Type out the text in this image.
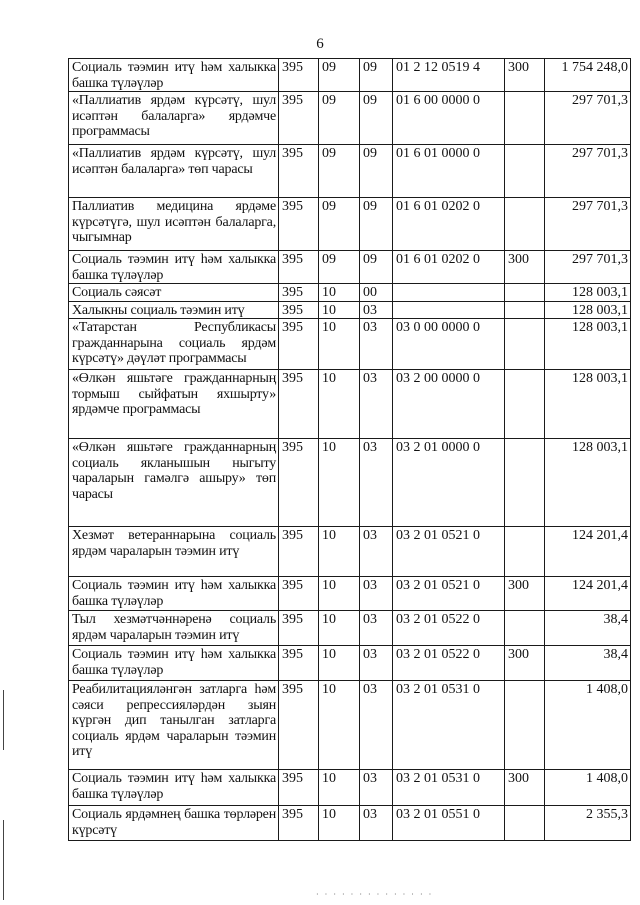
6
· · · · · · · · · · · · · ·
Социаль тәэмин итү һәм халыкка башка түләүләр	395	09	09	01 2 12 0519 4	300	1 754 248,0
«Паллиатив ярдәм күрсәтү, шул исәптән балаларга» ярдәмче программасы	395	09	09	01 6 00 0000 0		297 701,3
«Паллиатив ярдәм күрсәтү, шул исәптән балаларга» төп чарасы	395	09	09	01 6 01 0000 0		297 701,3
Паллиатив медицина ярдәме күрсәтүгә, шул исәптән балаларга, чыгымнар	395	09	09	01 6 01 0202 0		297 701,3
Социаль тәэмин итү һәм халыкка башка түләүләр	395	09	09	01 6 01 0202 0	300	297 701,3
Социаль сәясәт	395	10	00			128 003,1
Халыкны социаль тәэмин итү	395	10	03			128 003,1
«Татарстан Республикасы гражданнарына социаль ярдәм күрсәтү» дәүләт программасы	395	10	03	03 0 00 0000 0		128 003,1
«Өлкән яшьтәге гражданнарның тормыш сыйфатын яхшырту» ярдәмче программасы	395	10	03	03 2 00 0000 0		128 003,1
«Өлкән яшьтәге гражданнарның социаль якланышын ныгыту чараларын гамәлгә ашыру» төп чарасы	395	10	03	03 2 01 0000 0		128 003,1
Хезмәт ветераннарына социаль ярдәм чараларын тәэмин итү	395	10	03	03 2 01 0521 0		124 201,4
Социаль тәэмин итү һәм халыкка башка түләүләр	395	10	03	03 2 01 0521 0	300	124 201,4
Тыл хезмәтчәннәренә социаль ярдәм чараларын тәэмин итү	395	10	03	03 2 01 0522 0		38,4
Социаль тәэмин итү һәм халыкка башка түләүләр	395	10	03	03 2 01 0522 0	300	38,4
Реабилитацияләнгән затларга һәм сәяси репрессияләрдән зыян күргән дип танылган затларга социаль ярдәм чараларын тәэмин итү	395	10	03	03 2 01 0531 0		1 408,0
Социаль тәэмин итү һәм халыкка башка түләүләр	395	10	03	03 2 01 0531 0	300	1 408,0
Социаль ярдәмнең башка төрләрен күрсәтү	395	10	03	03 2 01 0551 0		2 355,3
